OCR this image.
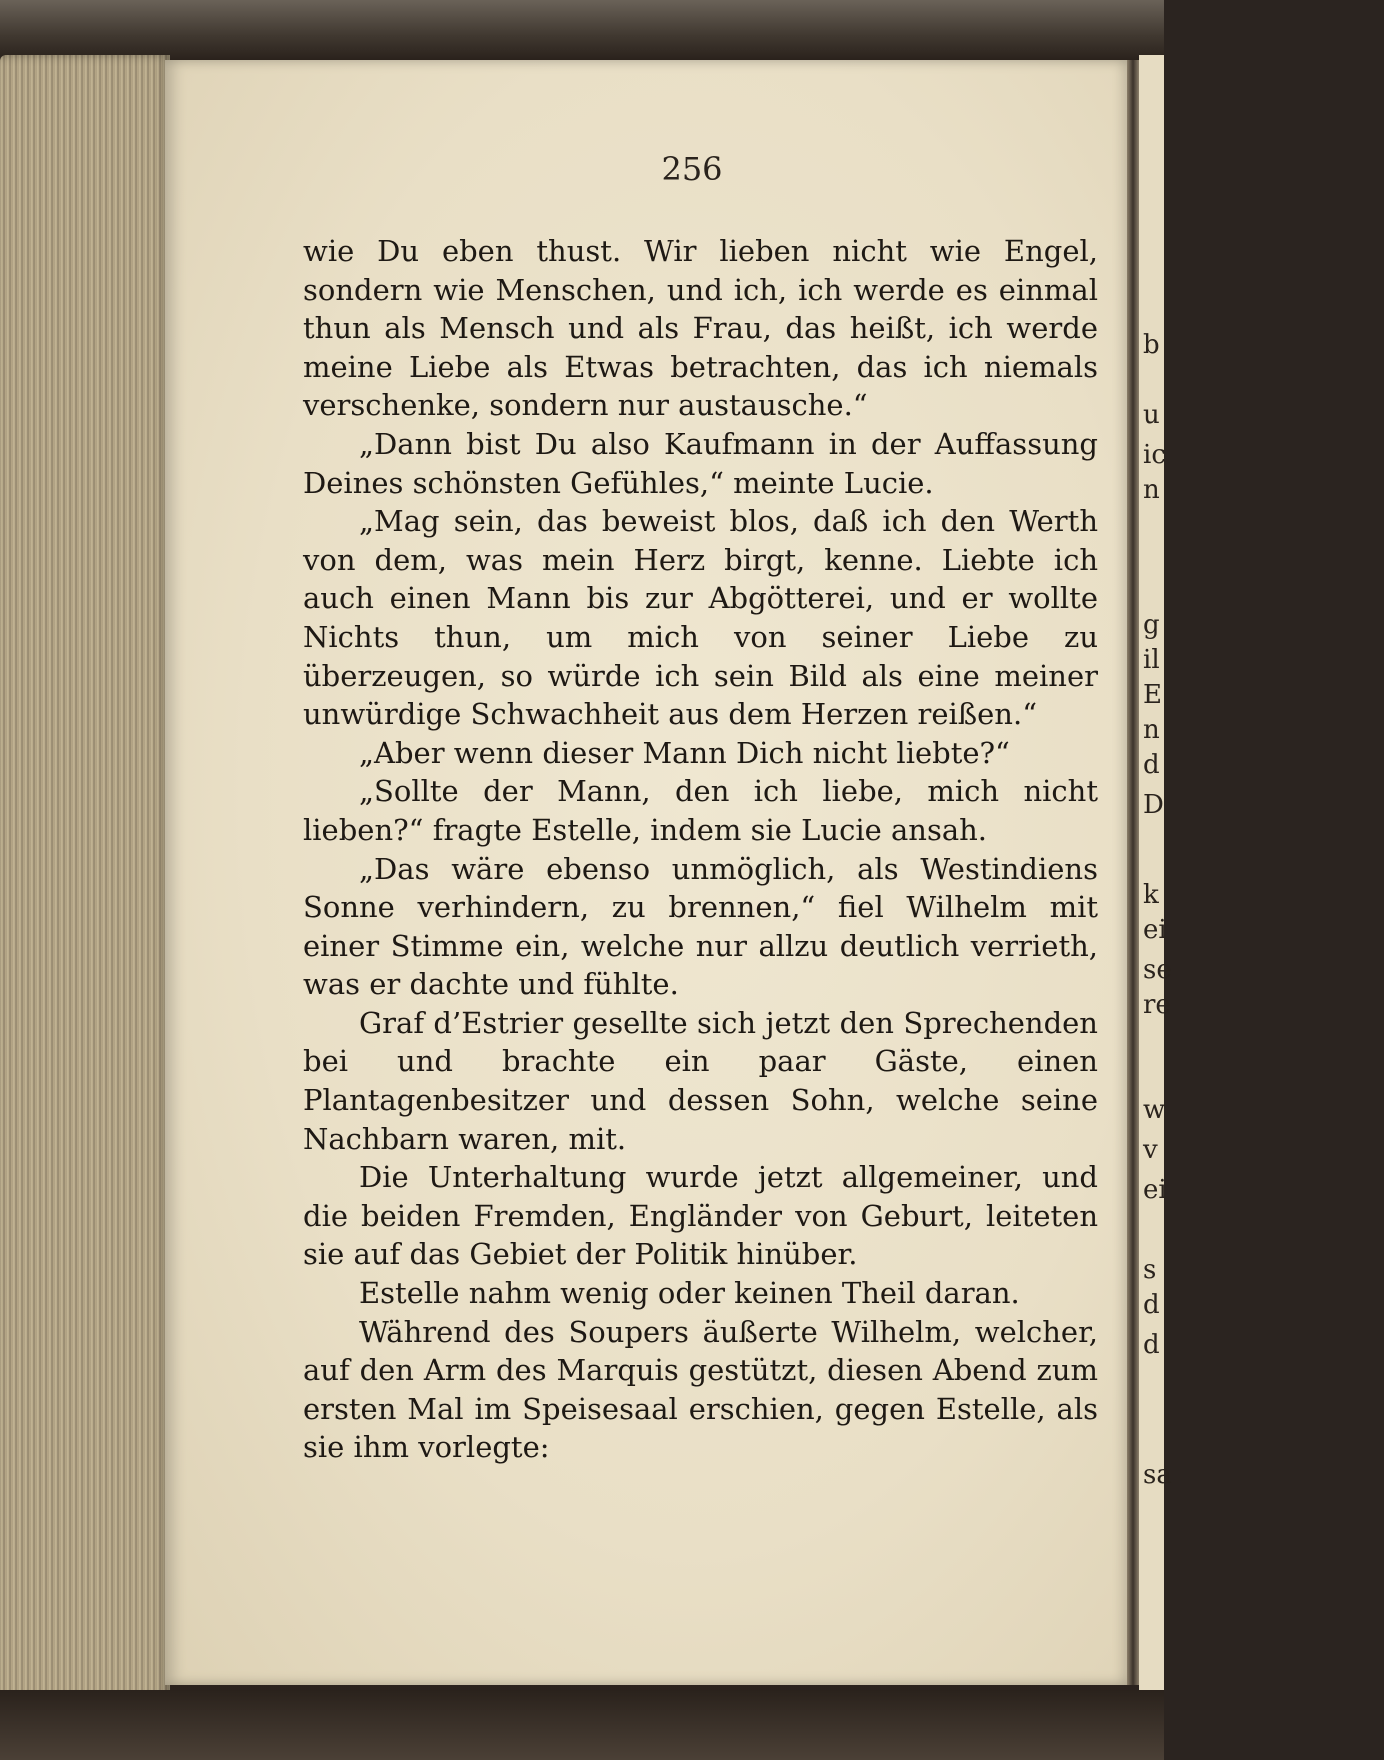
b
u
ic
n
g
il
E
n
d
D
k
ei
se
re
w
v
ei
s
d
d
sa
256

wie Du eben thust. Wir lieben nicht wie Engel, sondern wie Menschen, und ich, ich werde es einmal thun als Mensch und als Frau, das heißt, ich werde meine Liebe als Etwas betrachten, das ich niemals verschenke, sondern nur austausche.“

„Dann bist Du also Kaufmann in der Auffassung Deines schönsten Gefühles,“ meinte Lucie.

„Mag sein, das beweist blos, daß ich den Werth von dem, was mein Herz birgt, kenne. Liebte ich auch einen Mann bis zur Abgötterei, und er wollte Nichts thun, um mich von seiner Liebe zu überzeugen, so würde ich sein Bild als eine meiner unwürdige Schwachheit aus dem Herzen reißen.“

„Aber wenn dieser Mann Dich nicht liebte?“

„Sollte der Mann, den ich liebe, mich nicht lieben?“ fragte Estelle, indem sie Lucie ansah.

„Das wäre ebenso unmöglich, als Westindiens Sonne verhindern, zu brennen,“ fiel Wilhelm mit einer Stimme ein, welche nur allzu deutlich verrieth, was er dachte und fühlte.

Graf d’Estrier gesellte sich jetzt den Sprechenden bei und brachte ein paar Gäste, einen Plantagenbesitzer und dessen Sohn, welche seine Nachbarn waren, mit.

Die Unterhaltung wurde jetzt allgemeiner, und die beiden Fremden, Engländer von Geburt, leiteten sie auf das Gebiet der Politik hinüber.

Estelle nahm wenig oder keinen Theil daran.

Während des Soupers äußerte Wilhelm, welcher, auf den Arm des Marquis gestützt, diesen Abend zum ersten Mal im Speisesaal erschien, gegen Estelle, als sie ihm vorlegte:
